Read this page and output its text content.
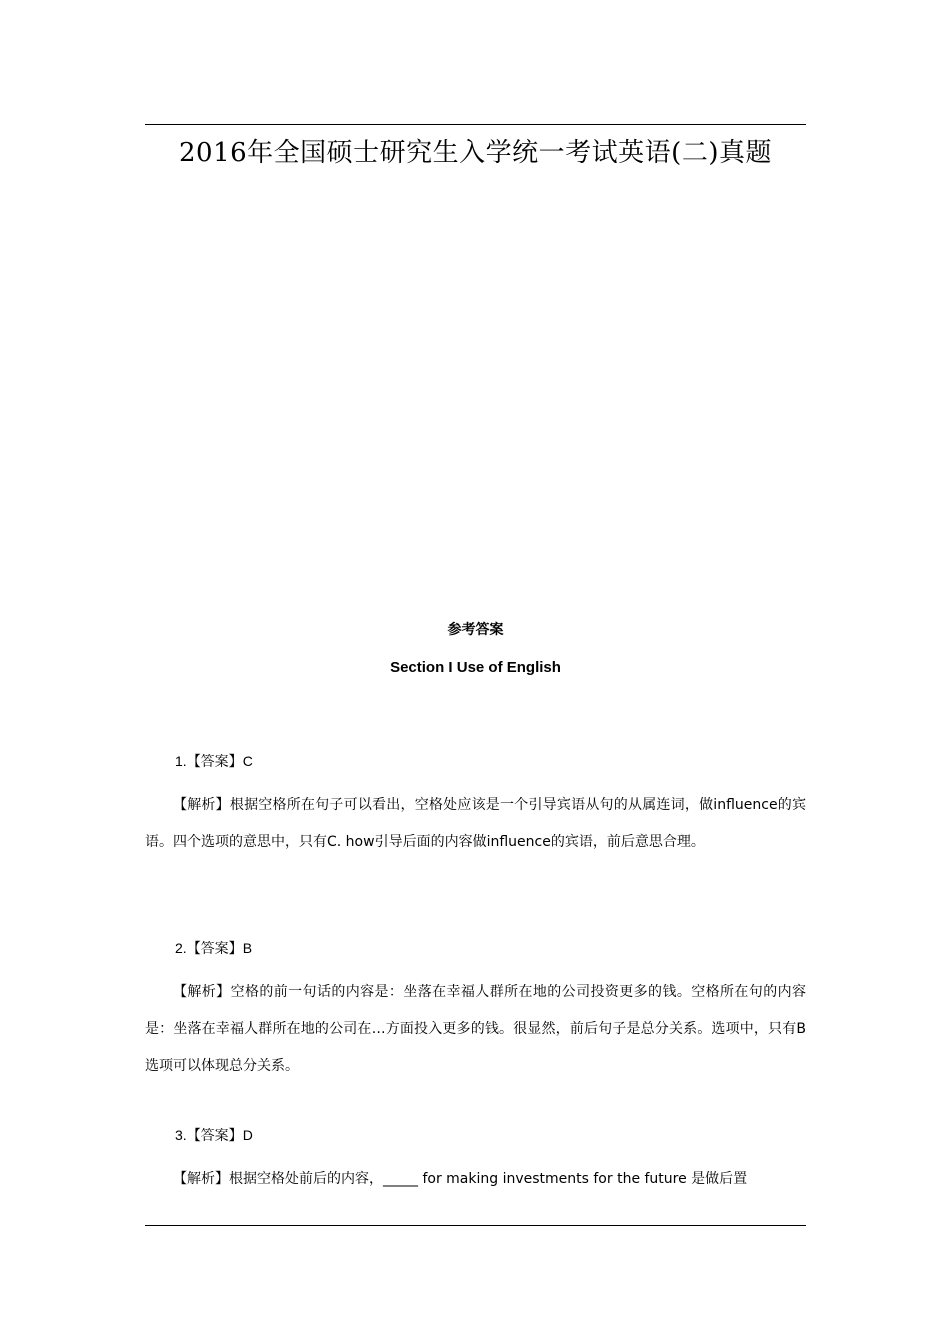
2016年全国硕士研究生入学统一考试英语(二)真题
参考答案
Section I Use of English
1.【答案】C
【解析】根据空格所在句子可以看出，空格处应该是一个引导宾语从句的从属连词，做influence的宾语。四个选项的意思中，只有C. how引导后面的内容做influence的宾语，前后意思合理。
2.【答案】B
【解析】空格的前一句话的内容是：坐落在幸福人群所在地的公司投资更多的钱。空格所在句的内容是：坐落在幸福人群所在地的公司在…方面投入更多的钱。很显然，前后句子是总分关系。选项中，只有B选项可以体现总分关系。
3.【答案】D
【解析】根据空格处前后的内容，_____ for making investments for the future 是做后置
